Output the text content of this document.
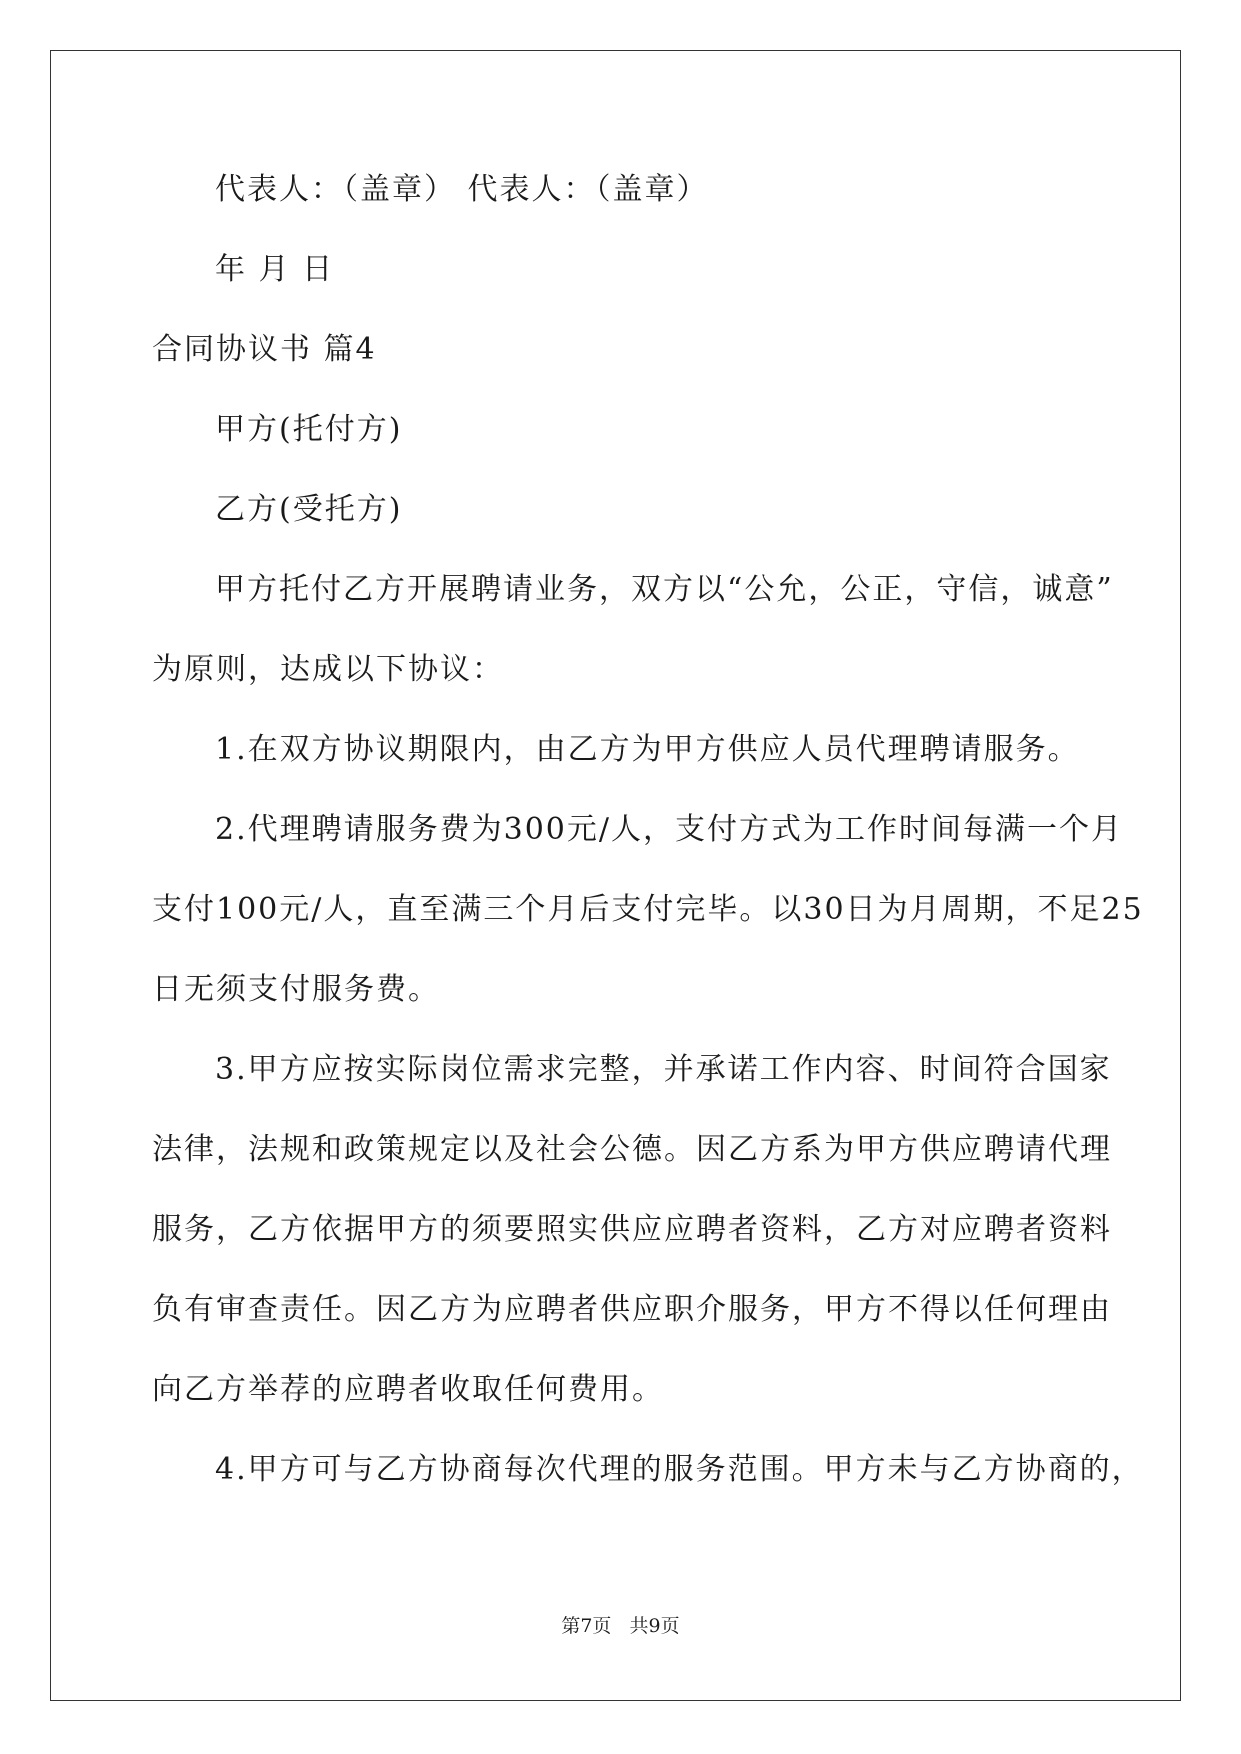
代表人：（盖章） 代表人：（盖章）
年 月 日
合同协议书 篇4
甲方(托付方)
乙方(受托方)
甲方托付乙方开展聘请业务，双方以“公允，公正，守信，诚意”
为原则，达成以下协议：
1.在双方协议期限内，由乙方为甲方供应人员代理聘请服务。
2.代理聘请服务费为300元/人，支付方式为工作时间每满一个月
支付100元/人，直至满三个月后支付完毕。以30日为月周期，不足25
日无须支付服务费。
3.甲方应按实际岗位需求完整，并承诺工作内容、时间符合国家
法律，法规和政策规定以及社会公德。因乙方系为甲方供应聘请代理
服务，乙方依据甲方的须要照实供应应聘者资料，乙方对应聘者资料
负有审查责任。因乙方为应聘者供应职介服务，甲方不得以任何理由
向乙方举荐的应聘者收取任何费用。
4.甲方可与乙方协商每次代理的服务范围。甲方未与乙方协商的，
第7页   共9页
